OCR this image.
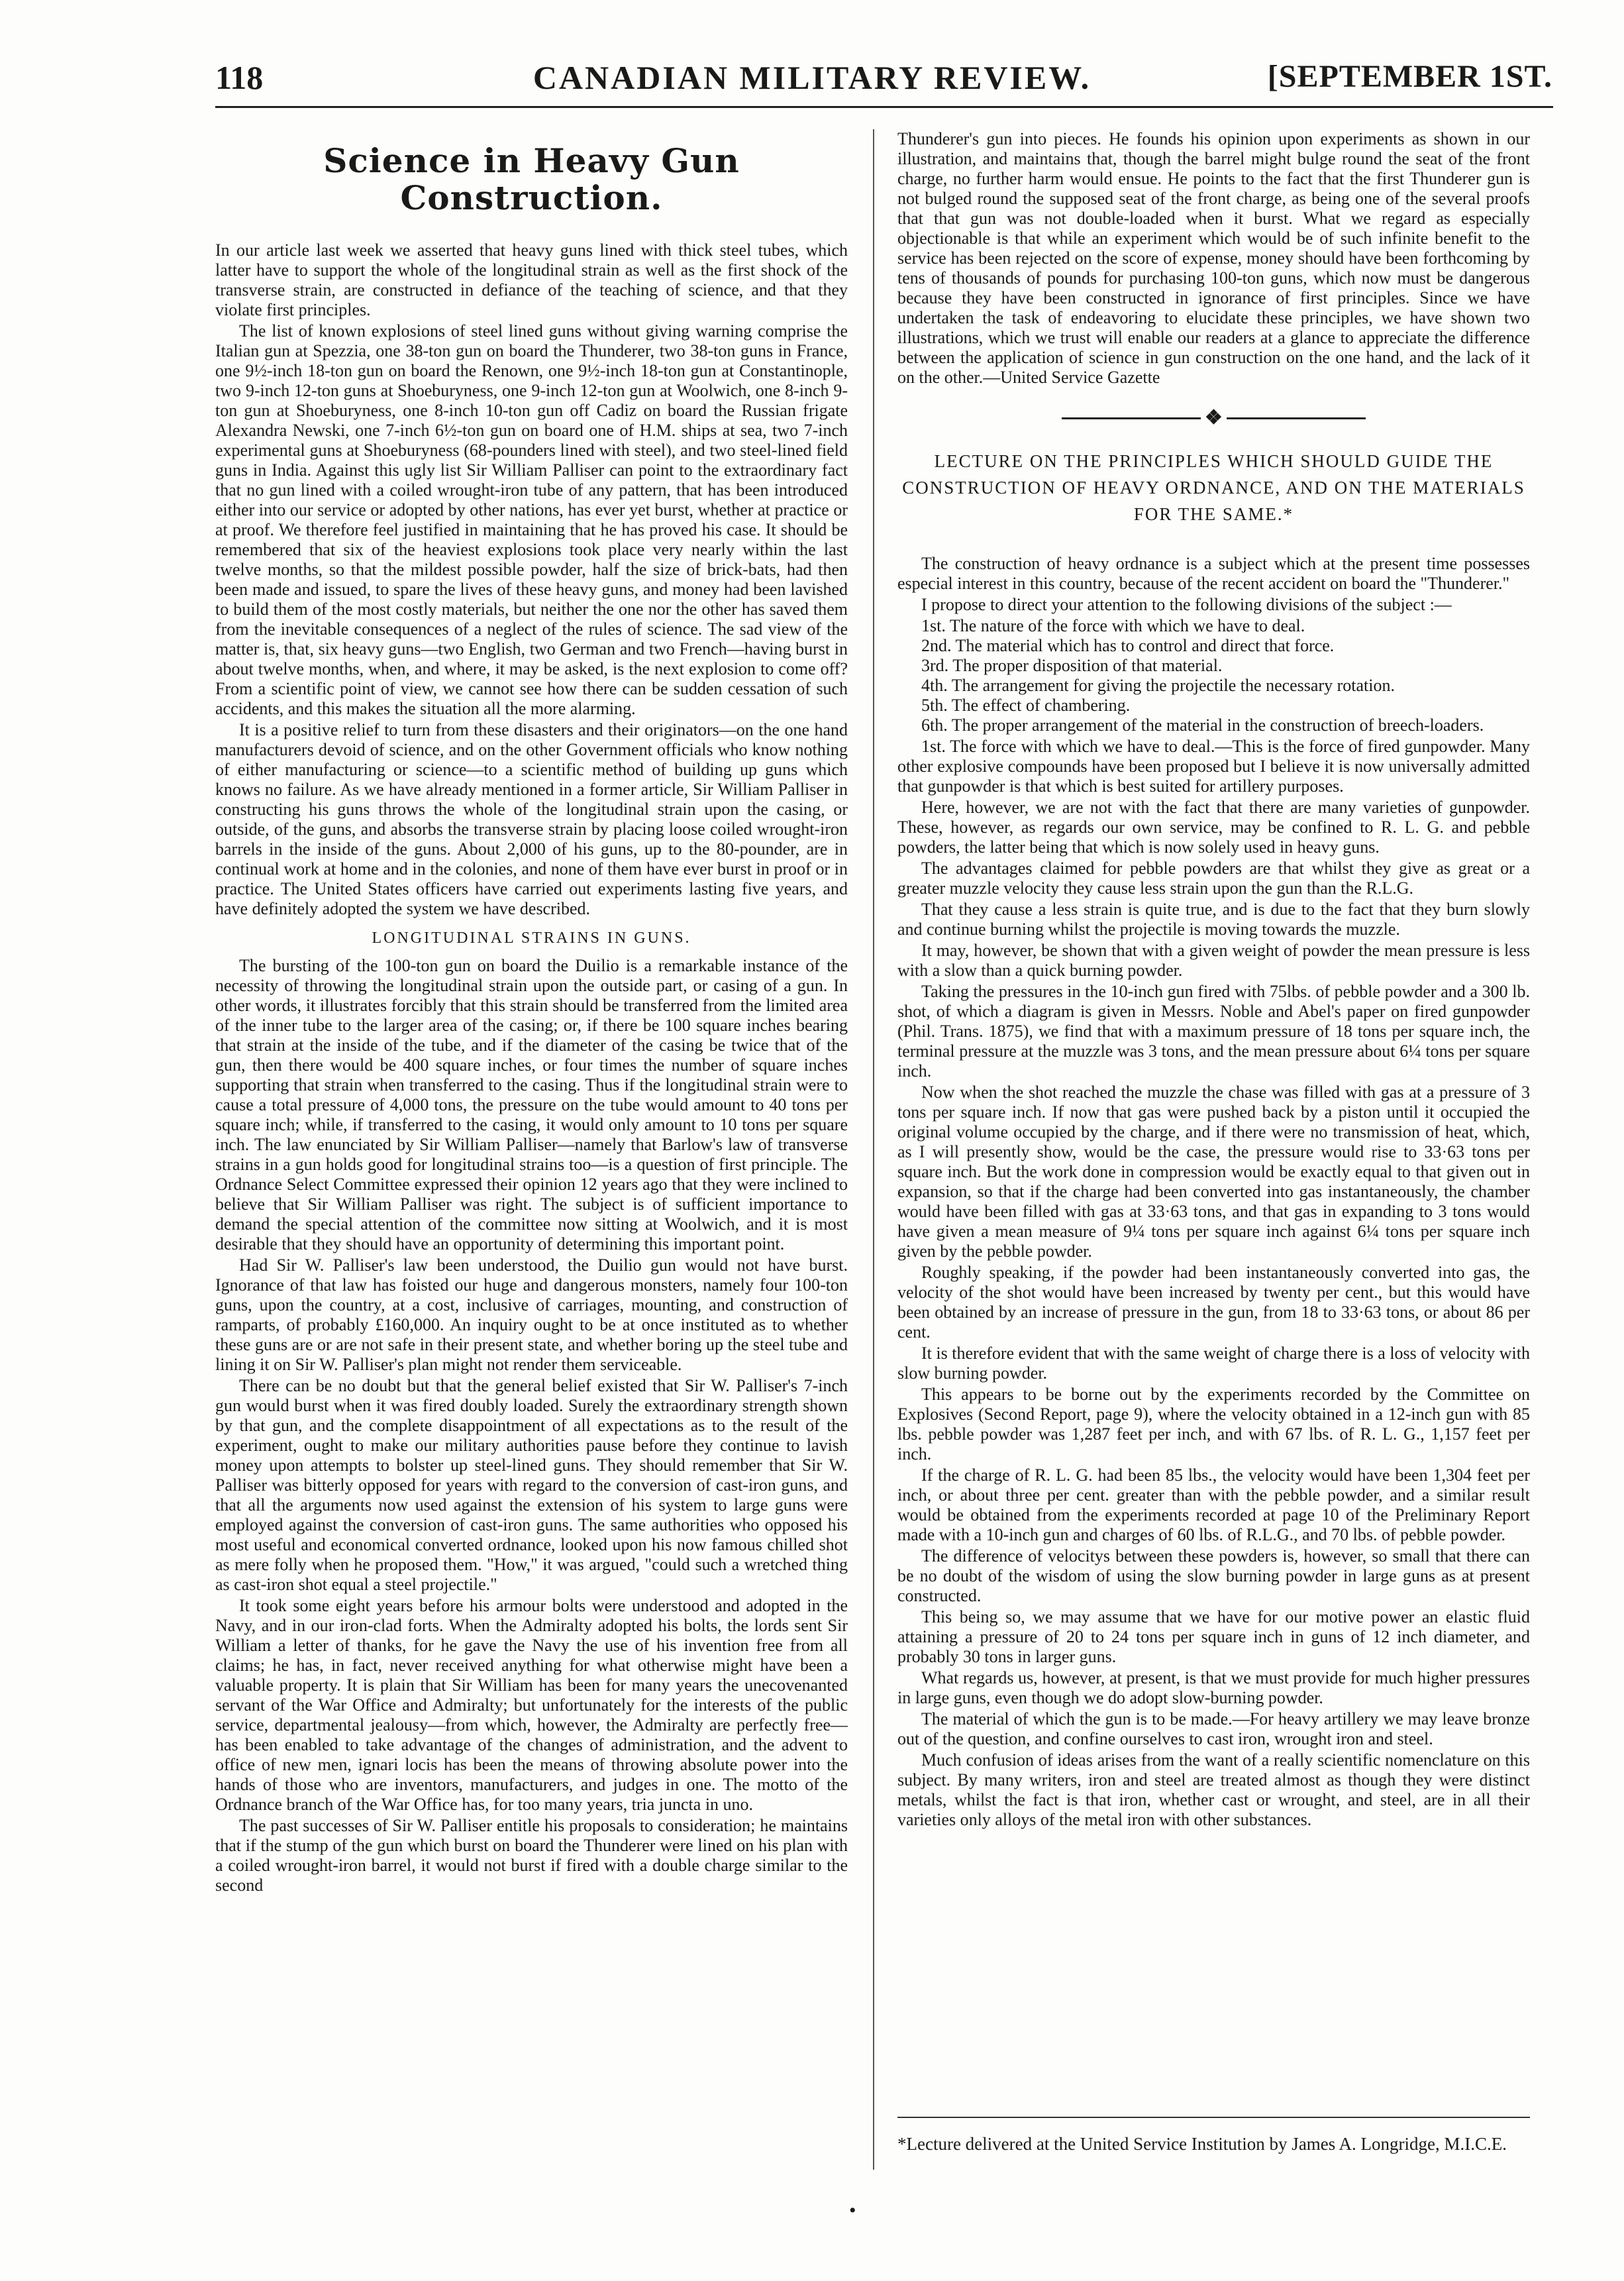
118	CANADIAN MILITARY REVIEW.	[SEPTEMBER 1ST.
Science in Heavy Gun Construction.

In our article last week we asserted that heavy guns lined with thick steel tubes, which latter have to support the whole of the longitudinal strain as well as the first shock of the transverse strain, are constructed in defiance of the teaching of science, and that they violate first principles.

The list of known explosions of steel lined guns without giving warning comprise the Italian gun at Spezzia, one 38-ton gun on board the Thunderer, two 38-ton guns in France, one 9½-inch 18-ton gun on board the Renown, one 9½-inch 18-ton gun at Constantinople, two 9-inch 12-ton guns at Shoeburyness, one 9-inch 12-ton gun at Woolwich, one 8-inch 9-ton gun at Shoeburyness, one 8-inch 10-ton gun off Cadiz on board the Russian frigate Alexandra Newski, one 7-inch 6½-ton gun on board one of H.M. ships at sea, two 7-inch experimental guns at Shoeburyness (68-pounders lined with steel), and two steel-lined field guns in India. Against this ugly list Sir William Palliser can point to the extraordinary fact that no gun lined with a coiled wrought-iron tube of any pattern, that has been introduced either into our service or adopted by other nations, has ever yet burst, whether at practice or at proof. We therefore feel justified in maintaining that he has proved his case. It should be remembered that six of the heaviest explosions took place very nearly within the last twelve months, so that the mildest possible powder, half the size of brick-bats, had then been made and issued, to spare the lives of these heavy guns, and money had been lavished to build them of the most costly materials, but neither the one nor the other has saved them from the inevitable consequences of a neglect of the rules of science. The sad view of the matter is, that, six heavy guns—two English, two German and two French—having burst in about twelve months, when, and where, it may be asked, is the next explosion to come off? From a scientific point of view, we cannot see how there can be sudden cessation of such accidents, and this makes the situation all the more alarming.

It is a positive relief to turn from these disasters and their originators—on the one hand manufacturers devoid of science, and on the other Government officials who know nothing of either manufacturing or science—to a scientific method of building up guns which knows no failure. As we have already mentioned in a former article, Sir William Palliser in constructing his guns throws the whole of the longitudinal strain upon the casing, or outside, of the guns, and absorbs the transverse strain by placing loose coiled wrought-iron barrels in the inside of the guns. About 2,000 of his guns, up to the 80-pounder, are in continual work at home and in the colonies, and none of them have ever burst in proof or in practice. The United States officers have carried out experiments lasting five years, and have definitely adopted the system we have described.

LONGITUDINAL STRAINS IN GUNS.

The bursting of the 100-ton gun on board the Duilio is a remarkable instance of the necessity of throwing the longitudinal strain upon the outside part, or casing of a gun. In other words, it illustrates forcibly that this strain should be transferred from the limited area of the inner tube to the larger area of the casing; or, if there be 100 square inches bearing that strain at the inside of the tube, and if the diameter of the casing be twice that of the gun, then there would be 400 square inches, or four times the number of square inches supporting that strain when transferred to the casing. Thus if the longitudinal strain were to cause a total pressure of 4,000 tons, the pressure on the tube would amount to 40 tons per square inch; while, if transferred to the casing, it would only amount to 10 tons per square inch. The law enunciated by Sir William Palliser—namely that Barlow's law of transverse strains in a gun holds good for longitudinal strains too—is a question of first principle. The Ordnance Select Committee expressed their opinion 12 years ago that they were inclined to believe that Sir William Palliser was right. The subject is of sufficient importance to demand the special attention of the committee now sitting at Woolwich, and it is most desirable that they should have an opportunity of determining this important point.

Had Sir W. Palliser's law been understood, the Duilio gun would not have burst. Ignorance of that law has foisted our huge and dangerous monsters, namely four 100-ton guns, upon the country, at a cost, inclusive of carriages, mounting, and construction of ramparts, of probably £160,000. An inquiry ought to be at once instituted as to whether these guns are or are not safe in their present state, and whether boring up the steel tube and lining it on Sir W. Palliser's plan might not render them serviceable.

There can be no doubt but that the general belief existed that Sir W. Palliser's 7-inch gun would burst when it was fired doubly loaded. Surely the extraordinary strength shown by that gun, and the complete disappointment of all expectations as to the result of the experiment, ought to make our military authorities pause before they continue to lavish money upon attempts to bolster up steel-lined guns. They should remember that Sir W. Palliser was bitterly opposed for years with regard to the conversion of cast-iron guns, and that all the arguments now used against the extension of his system to large guns were employed against the conversion of cast-iron guns. The same authorities who opposed his most useful and economical converted ordnance, looked upon his now famous chilled shot as mere folly when he proposed them. "How," it was argued, "could such a wretched thing as cast-iron shot equal a steel projectile."

It took some eight years before his armour bolts were understood and adopted in the Navy, and in our iron-clad forts. When the Admiralty adopted his bolts, the lords sent Sir William a letter of thanks, for he gave the Navy the use of his invention free from all claims; he has, in fact, never received anything for what otherwise might have been a valuable property. It is plain that Sir William has been for many years the unecovenanted servant of the War Office and Admiralty; but unfortunately for the interests of the public service, departmental jealousy—from which, however, the Admiralty are perfectly free—has been enabled to take advantage of the changes of administration, and the advent to office of new men, ignari locis has been the means of throwing absolute power into the hands of those who are inventors, manufacturers, and judges in one. The motto of the Ordnance branch of the War Office has, for too many years, tria juncta in uno.

The past successes of Sir W. Palliser entitle his proposals to consideration; he maintains that if the stump of the gun which burst on board the Thunderer were lined on his plan with a coiled wrought-iron barrel, it would not burst if fired with a double charge similar to the second

Thunderer's gun into pieces. He founds his opinion upon experiments as shown in our illustration, and maintains that, though the barrel might bulge round the seat of the front charge, no further harm would ensue. He points to the fact that the first Thunderer gun is not bulged round the supposed seat of the front charge, as being one of the several proofs that that gun was not double-loaded when it burst. What we regard as especially objectionable is that while an experiment which would be of such infinite benefit to the service has been rejected on the score of expense, money should have been forthcoming by tens of thousands of pounds for purchasing 100-ton guns, which now must be dangerous because they have been constructed in ignorance of first principles. Since we have undertaken the task of endeavoring to elucidate these principles, we have shown two illustrations, which we trust will enable our readers at a glance to appreciate the difference between the application of science in gun construction on the one hand, and the lack of it on the other.—United Service Gazette

❖
LECTURE ON THE PRINCIPLES WHICH SHOULD GUIDE THE CONSTRUCTION OF HEAVY ORDNANCE, AND ON THE MATERIALS FOR THE SAME.*

The construction of heavy ordnance is a subject which at the present time possesses especial interest in this country, because of the recent accident on board the "Thunderer."

I propose to direct your attention to the following divisions of the subject :—

1st. The nature of the force with which we have to deal.
2nd. The material which has to control and direct that force.
3rd. The proper disposition of that material.
4th. The arrangement for giving the projectile the necessary rotation.
5th. The effect of chambering.
6th. The proper arrangement of the material in the construction of breech-loaders.

1st. The force with which we have to deal.—This is the force of fired gunpowder. Many other explosive compounds have been proposed but I believe it is now universally admitted that gunpowder is that which is best suited for artillery purposes.

Here, however, we are not with the fact that there are many varieties of gunpowder. These, however, as regards our own service, may be confined to R. L. G. and pebble powders, the latter being that which is now solely used in heavy guns.

The advantages claimed for pebble powders are that whilst they give as great or a greater muzzle velocity they cause less strain upon the gun than the R.L.G.

That they cause a less strain is quite true, and is due to the fact that they burn slowly and continue burning whilst the projectile is moving towards the muzzle.

It may, however, be shown that with a given weight of powder the mean pressure is less with a slow than a quick burning powder.

Taking the pressures in the 10-inch gun fired with 75lbs. of pebble powder and a 300 lb. shot, of which a diagram is given in Messrs. Noble and Abel's paper on fired gunpowder (Phil. Trans. 1875), we find that with a maximum pressure of 18 tons per square inch, the terminal pressure at the muzzle was 3 tons, and the mean pressure about 6¼ tons per square inch.

Now when the shot reached the muzzle the chase was filled with gas at a pressure of 3 tons per square inch. If now that gas were pushed back by a piston until it occupied the original volume occupied by the charge, and if there were no transmission of heat, which, as I will presently show, would be the case, the pressure would rise to 33·63 tons per square inch. But the work done in compression would be exactly equal to that given out in expansion, so that if the charge had been converted into gas instantaneously, the chamber would have been filled with gas at 33·63 tons, and that gas in expanding to 3 tons would have given a mean measure of 9¼ tons per square inch against 6¼ tons per square inch given by the pebble powder.

Roughly speaking, if the powder had been instantaneously converted into gas, the velocity of the shot would have been increased by twenty per cent., but this would have been obtained by an increase of pressure in the gun, from 18 to 33·63 tons, or about 86 per cent.

It is therefore evident that with the same weight of charge there is a loss of velocity with slow burning powder.

This appears to be borne out by the experiments recorded by the Committee on Explosives (Second Report, page 9), where the velocity obtained in a 12-inch gun with 85 lbs. pebble powder was 1,287 feet per inch, and with 67 lbs. of R. L. G., 1,157 feet per inch.

If the charge of R. L. G. had been 85 lbs., the velocity would have been 1,304 feet per inch, or about three per cent. greater than with the pebble powder, and a similar result would be obtained from the experiments recorded at page 10 of the Preliminary Report made with a 10-inch gun and charges of 60 lbs. of R.L.G., and 70 lbs. of pebble powder.

The difference of velocitys between these powders is, however, so small that there can be no doubt of the wisdom of using the slow burning powder in large guns as at present constructed.

This being so, we may assume that we have for our motive power an elastic fluid attaining a pressure of 20 to 24 tons per square inch in guns of 12 inch diameter, and probably 30 tons in larger guns.

What regards us, however, at present, is that we must provide for much higher pressures in large guns, even though we do adopt slow-burning powder.

The material of which the gun is to be made.—For heavy artillery we may leave bronze out of the question, and confine ourselves to cast iron, wrought iron and steel.

Much confusion of ideas arises from the want of a really scientific nomenclature on this subject. By many writers, iron and steel are treated almost as though they were distinct metals, whilst the fact is that iron, whether cast or wrought, and steel, are in all their varieties only alloys of the metal iron with other substances.

*Lecture delivered at the United Service Institution by James A. Longridge, M.I.C.E.
•
